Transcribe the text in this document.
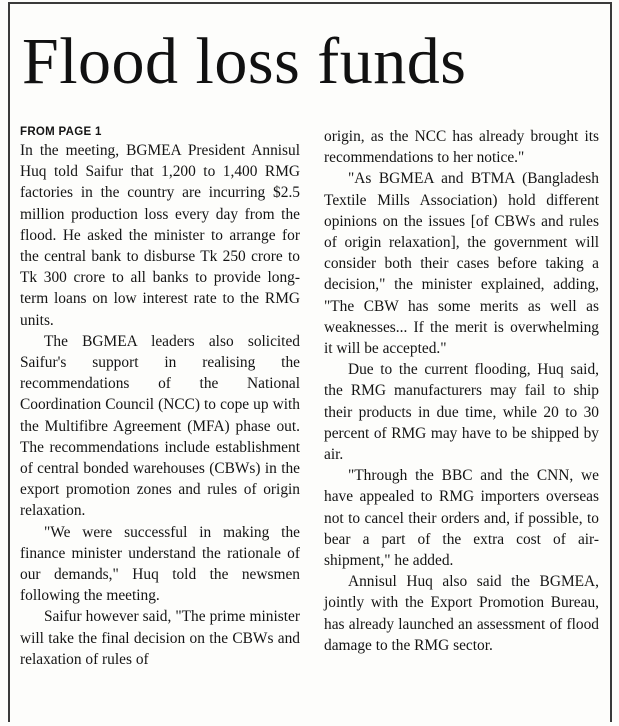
Flood loss funds

FROM PAGE 1

In the meeting, BGMEA President Annisul Huq told Saifur that 1,200 to 1,400 RMG factories in the country are incurring $2.5 million production loss every day from the flood. He asked the minister to arrange for the central bank to disburse Tk 250 crore to Tk 300 crore to all banks to provide long-term loans on low interest rate to the RMG units.

The BGMEA leaders also solicited Saifur's support in realising the recommendations of the National Coordination Council (NCC) to cope up with the Multifibre Agreement (MFA) phase out. The recommendations include establishment of central bonded warehouses (CBWs) in the export promotion zones and rules of origin relaxation.

"We were successful in making the finance minister understand the rationale of our demands," Huq told the newsmen following the meeting.

Saifur however said, "The prime minister will take the final decision on the CBWs and relaxation of rules of

origin, as the NCC has already brought its recommendations to her notice."

"As BGMEA and BTMA (Bangladesh Textile Mills Association) hold different opinions on the issues [of CBWs and rules of origin relaxation], the government will consider both their cases before taking a decision," the minister explained, adding, "The CBW has some merits as well as weaknesses... If the merit is overwhelming it will be accepted."

Due to the current flooding, Huq said, the RMG manufacturers may fail to ship their products in due time, while 20 to 30 percent of RMG may have to be shipped by air.

"Through the BBC and the CNN, we have appealed to RMG importers overseas not to cancel their orders and, if possible, to bear a part of the extra cost of air-shipment," he added.

Annisul Huq also said the BGMEA, jointly with the Export Promotion Bureau, has already launched an assessment of flood damage to the RMG sector.
